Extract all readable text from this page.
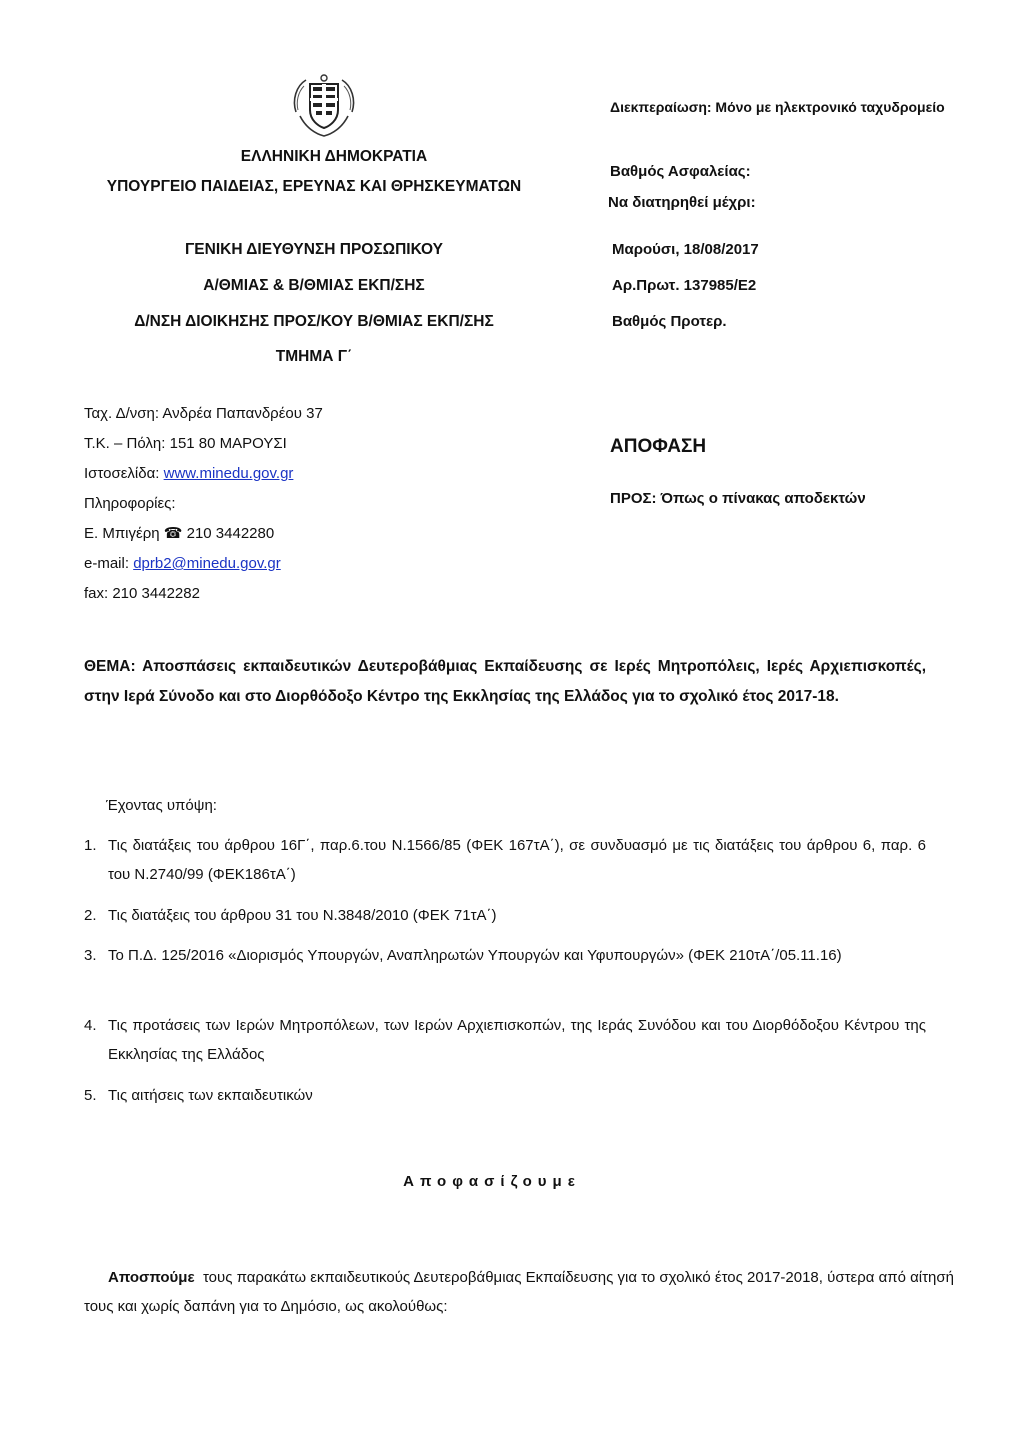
ΕΛΛΗΝΙΚΗ ΔΗΜΟΚΡΑΤΙΑ
ΥΠΟΥΡΓΕΙΟ ΠΑΙΔΕΙΑΣ, ΕΡΕΥΝΑΣ ΚΑΙ ΘΡΗΣΚΕΥΜΑΤΩΝ
ΓΕΝΙΚΗ ΔΙΕΥΘΥΝΣΗ ΠΡΟΣΩΠΙΚΟΥ
Α/ΘΜΙΑΣ & Β/ΘΜΙΑΣ ΕΚΠ/ΣΗΣ
Δ/ΝΣΗ ΔΙΟΙΚΗΣΗΣ ΠΡΟΣ/ΚΟΥ Β/ΘΜΙΑΣ ΕΚΠ/ΣΗΣ
ΤΜΗΜΑ Γ΄
Διεκπεραίωση: Μόνο με ηλεκτρονικό ταχυδρομείο
Βαθμός Ασφαλείας:
Να διατηρηθεί μέχρι:
Μαρούσι, 18/08/2017
Αρ.Πρωτ. 137985/Ε2
Βαθμός Προτερ.
ΑΠΟΦΑΣΗ
ΠΡΟΣ: Όπως ο πίνακας αποδεκτών
Ταχ. Δ/νση: Ανδρέα Παπανδρέου 37
Τ.Κ. – Πόλη: 151 80 ΜΑΡΟΥΣΙ
Ιστοσελίδα: www.minedu.gov.gr
Πληροφορίες:
Ε. Μπιγέρη ☎ 210 3442280
e-mail: dprb2@minedu.gov.gr
fax: 210 3442282
ΘΕΜΑ: Αποσπάσεις εκπαιδευτικών Δευτεροβάθμιας Εκπαίδευσης σε Ιερές Μητροπόλεις, Ιερές Αρχιεπισκοπές, στην Ιερά Σύνοδο και στο Διορθόδοξο Κέντρο της Εκκλησίας της Ελλάδος για το σχολικό έτος 2017-18.
Έχοντας υπόψη:
1. Τις διατάξεις του άρθρου 16Γ΄, παρ.6.του Ν.1566/85 (ΦΕΚ 167τΑ΄), σε συνδυασμό με τις διατάξεις του άρθρου 6, παρ. 6 του Ν.2740/99 (ΦΕΚ186τΑ΄)
2. Τις διατάξεις του άρθρου 31 του Ν.3848/2010 (ΦΕΚ 71τΑ΄)
3. Το Π.Δ. 125/2016 «Διορισμός Υπουργών, Αναπληρωτών Υπουργών και Υφυπουργών» (ΦΕΚ 210τΑ΄/05.11.16)
4. Τις προτάσεις των Ιερών Μητροπόλεων, των Ιερών Αρχιεπισκοπών, της Ιεράς Συνόδου και του Διορθόδοξου Κέντρου της Εκκλησίας της Ελλάδος
5. Τις αιτήσεις των εκπαιδευτικών
Αποφασίζουμε
Αποσπούμε  τους παρακάτω εκπαιδευτικούς Δευτεροβάθμιας Εκπαίδευσης για το σχολικό έτος 2017-2018, ύστερα από αίτησή τους και χωρίς δαπάνη για το Δημόσιο, ως ακολούθως:
